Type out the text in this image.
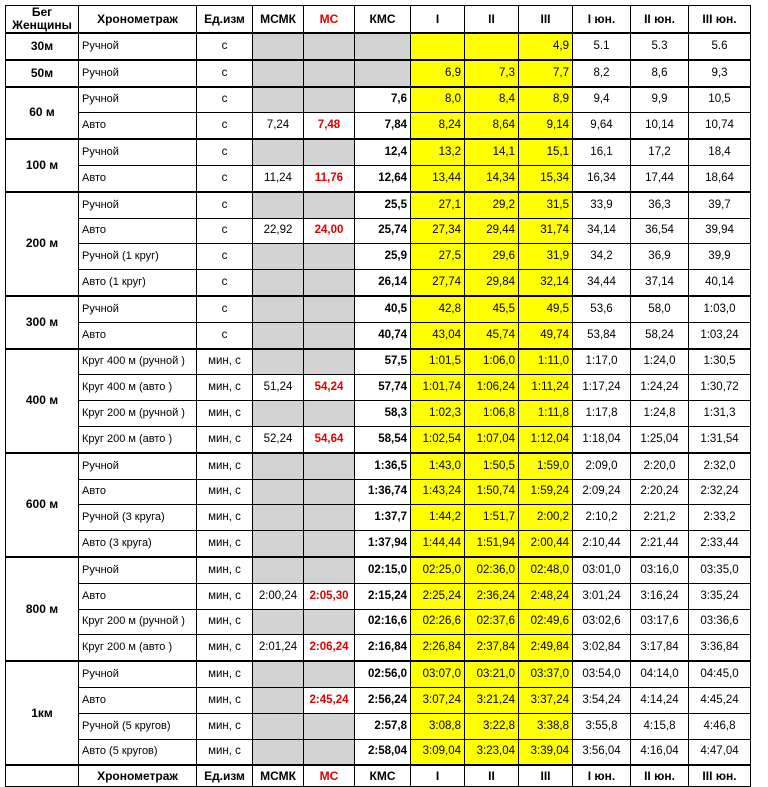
Бег
Женщины	Хронометраж	Ед.изм	МСМК	МС	КМС	I	II	III	I юн.	II юн.	III юн.
30м	Ручной	с						4,9	5.1	5.3	5.6
50м	Ручной	с				6,9	7,3	7,7	8,2	8,6	9,3
60 м	Ручной	с			7,6	8,0	8,4	8,9	9,4	9,9	10,5
	Авто	с	7,24	7,48	7,84	8,24	8,64	9,14	9,64	10,14	10,74
100 м	Ручной	с			12,4	13,2	14,1	15,1	16,1	17,2	18,4
	Авто	с	11,24	11,76	12,64	13,44	14,34	15,34	16,34	17,44	18,64
200 м	Ручной	с			25,5	27,1	29,2	31,5	33,9	36,3	39,7
	Авто	с	22,92	24,00	25,74	27,34	29,44	31,74	34,14	36,54	39,94
	Ручной (1 круг)	с			25,9	27,5	29,6	31,9	34,2	36,9	39,9
	Авто (1 круг)	с			26,14	27,74	29,84	32,14	34,44	37,14	40,14
300 м	Ручной	с			40,5	42,8	45,5	49,5	53,6	58,0	1:03,0
	Авто	с			40,74	43,04	45,74	49,74	53,84	58,24	1:03,24
400 м	Круг 400 м (ручной )	мин, с			57,5	1:01,5	1:06,0	1:11,0	1:17,0	1:24,0	1:30,5
	Круг 400 м (авто )	мин, с	51,24	54,24	57,74	1:01,74	1:06,24	1:11,24	1:17,24	1:24,24	1:30,72
	Круг 200 м (ручной )	мин, с			58,3	1:02,3	1:06,8	1:11,8	1:17,8	1:24,8	1:31,3
	Круг 200 м (авто )	мин, с	52,24	54,64	58,54	1:02,54	1:07,04	1:12,04	1:18,04	1:25,04	1:31,54
600 м	Ручной	мин, с			1:36,5	1:43,0	1:50,5	1:59,0	2:09,0	2:20,0	2:32,0
	Авто	мин, с			1:36,74	1:43,24	1:50,74	1:59,24	2:09,24	2:20,24	2:32,24
	Ручной (3 круга)	мин, с			1:37,7	1:44,2	1:51,7	2:00,2	2:10,2	2:21,2	2:33,2
	Авто (3 круга)	мин, с			1:37,94	1:44,44	1:51,94	2:00,44	2:10,44	2:21,44	2:33,44
800 м	Ручной	мин, с			02:15,0	02:25,0	02:36,0	02:48,0	03:01,0	03:16,0	03:35,0
	Авто	мин, с	2:00,24	2:05,30	2:15,24	2:25,24	2:36,24	2:48,24	3:01,24	3:16,24	3:35,24
	Круг 200 м (ручной )	мин, с			02:16,6	02:26,6	02:37,6	02:49,6	03:02,6	03:17,6	03:36,6
	Круг 200 м (авто )	мин, с	2:01,24	2:06,24	2:16,84	2:26,84	2:37,84	2:49,84	3:02,84	3:17,84	3:36,84
1км	Ручной	мин, с			02:56,0	03:07,0	03:21,0	03:37,0	03:54,0	04:14,0	04:45,0
	Авто	мин, с		2:45,24	2:56,24	3:07,24	3:21,24	3:37,24	3:54,24	4:14,24	4:45,24
	Ручной (5 кругов)	мин, с			2:57,8	3:08,8	3:22,8	3:38,8	3:55,8	4:15,8	4:46,8
	Авто (5 кругов)	мин, с			2:58,04	3:09,04	3:23,04	3:39,04	3:56,04	4:16,04	4:47,04
	Хронометраж	Ед.изм	МСМК	МС	КМС	I	II	III	I юн.	II юн.	III юн.
